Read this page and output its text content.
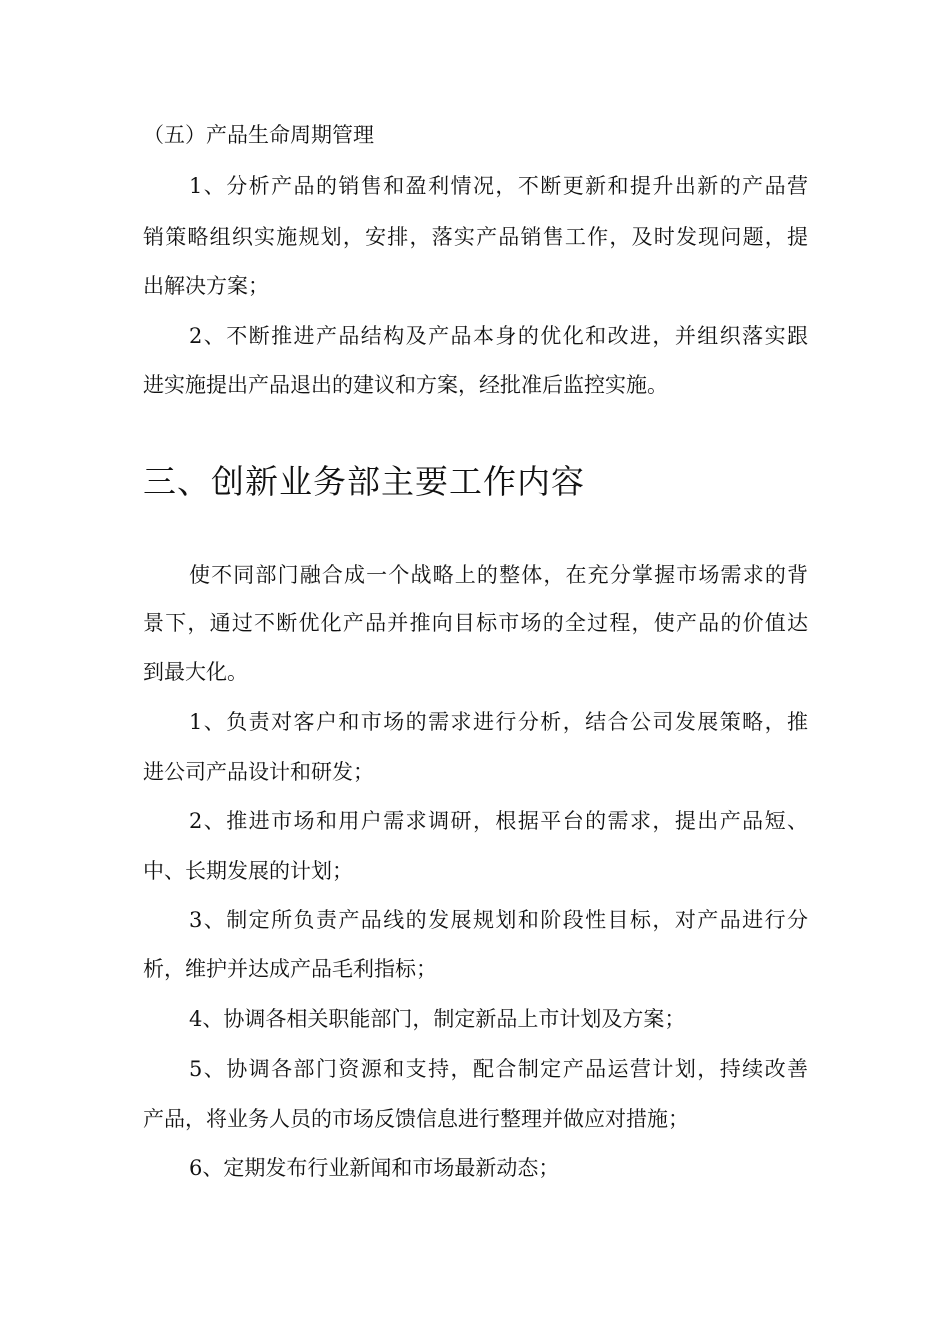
（五）产品生命周期管理
1、分析产品的销售和盈利情况，不断更新和提升出新的产品营
销策略组织实施规划，安排，落实产品销售工作，及时发现问题，提
出解决方案；
2、不断推进产品结构及产品本身的优化和改进，并组织落实跟
进实施提出产品退出的建议和方案，经批准后监控实施。
三、创新业务部主要工作内容
使不同部门融合成一个战略上的整体，在充分掌握市场需求的背
景下，通过不断优化产品并推向目标市场的全过程，使产品的价值达
到最大化。
1、负责对客户和市场的需求进行分析，结合公司发展策略，推
进公司产品设计和研发；
2、推进市场和用户需求调研，根据平台的需求，提出产品短、
中、长期发展的计划；
3、制定所负责产品线的发展规划和阶段性目标，对产品进行分
析，维护并达成产品毛利指标；
4、协调各相关职能部门，制定新品上市计划及方案；
5、协调各部门资源和支持，配合制定产品运营计划，持续改善
产品，将业务人员的市场反馈信息进行整理并做应对措施；
6、定期发布行业新闻和市场最新动态；
